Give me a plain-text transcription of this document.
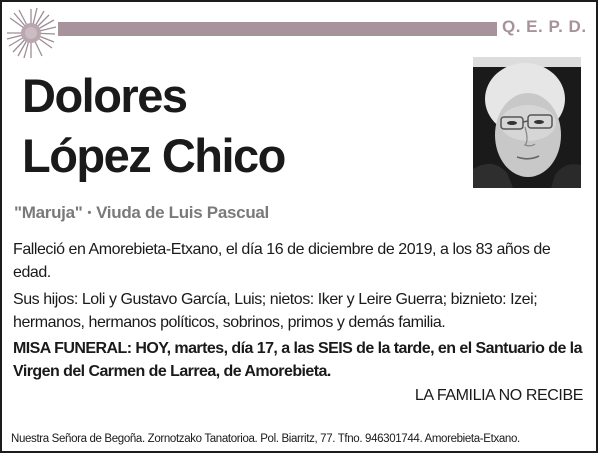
Q. E. P. D.
Dolores
López Chico
"Maruja" • Viuda de Luis Pascual
Falleció en Amorebieta-Etxano, el día 16 de diciembre de 2019, a los 83 años de edad.
Sus hijos: Loli y Gustavo García, Luis; nietos: Iker y Leire Guerra; biznieto: Izei; hermanos, hermanos políticos, sobrinos, primos y demás familia.
MISA FUNERAL: HOY, martes, día 17, a las SEIS de la tarde, en el Santuario de la Virgen del Carmen de Larrea, de Amorebieta.
LA FAMILIA NO RECIBE
Nuestra Señora de Begoña. Zornotzako Tanatorioa. Pol. Biarritz, 77. Tfno. 946301744. Amorebieta-Etxano.
